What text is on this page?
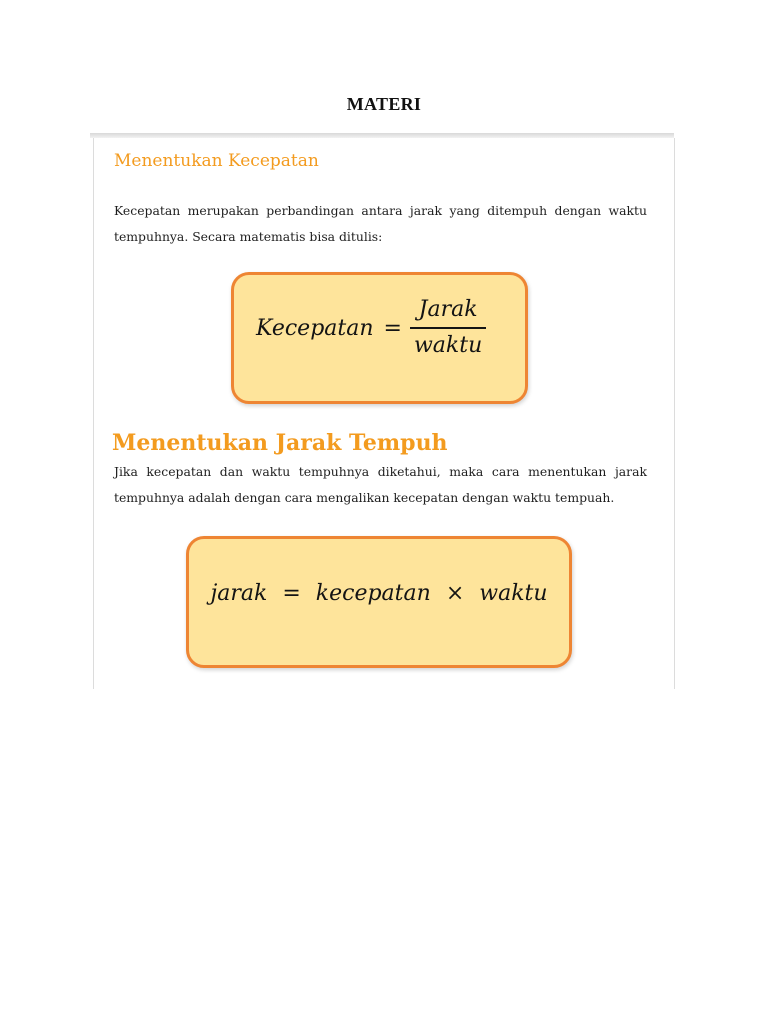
MATERI
Menentukan Kecepatan
Kecepatan merupakan perbandingan antara jarak yang ditempuh dengan waktu tempuhnya. Secara matematis bisa ditulis:
Kecepatan = $\frac{\text{Jarak}}{\text{waktu}}$
Menentukan Jarak Tempuh
Jika kecepatan dan waktu tempuhnya diketahui, maka cara menentukan jarak tempuhnya adalah dengan cara mengalikan kecepatan dengan waktu tempuah.
jarak = kecepatan × waktu
